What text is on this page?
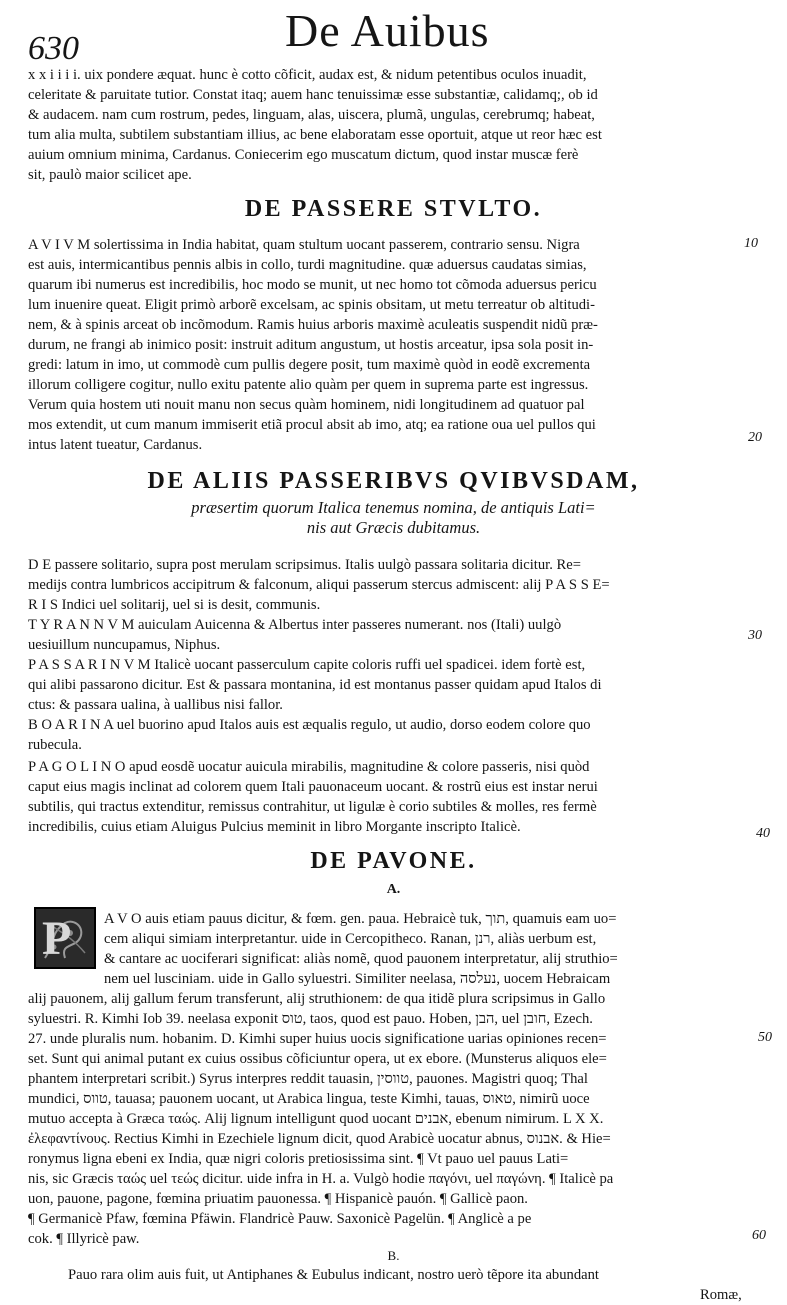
630	De Auibus
x x i i i i. uix pondere æquat. hunc è cotto cõficit, audax est, & nidum petentibus oculos inuadit,
celeritate & paruitate tutior. Constat itaq; auem hanc tenuissimæ esse substantiæ, calidamq;, ob id
& audacem. nam cum rostrum, pedes, linguam, alas, uiscera, plumã, ungulas, cerebrumq; habeat,
tum alia multa, subtilem substantiam illius, ac bene elaboratam esse oportuit, atque ut reor hæc est
auium omnium minima, Cardanus. Coniecerim ego muscatum dictum, quod instar muscæ ferè
sit, paulò maior scilicet ape.
DE PASSERE STVLTO.
A V I V M solertissima in India habitat, quam stultum uocant passerem, contrario sensu. Nigra
est auis, intermicantibus pennis albis in collo, turdi magnitudine. quæ aduersus caudatas simias,
quarum ibi numerus est incredibilis, hoc modo se munit, ut nec homo tot cõmoda aduersus pericu
lum inuenire queat. Eligit primò arborẽ excelsam, ac spinis obsitam, ut metu terreatur ob altitudi-
nem, & à spinis arceat ob incõmodum. Ramis huius arboris maximè aculeatis suspendit nidũ præ-
durum, ne frangi ab inimico posit: instruit aditum angustum, ut hostis arceatur, ipsa sola posit in-
gredi: latum in imo, ut commodè cum pullis degere posit, tum maximè quòd in eodẽ excrementa
illorum colligere cogitur, nullo exitu patente alio quàm per quem in suprema parte est ingressus.
Verum quia hostem uti nouit manu non secus quàm hominem, nidi longitudinem ad quatuor pal
mos extendit, ut cum manum immiserit etiã procul absit ab imo, atq; ea ratione oua uel pullos qui
intus latent tueatur, Cardanus.
DE ALIIS PASSERIBVS QVIBVSDAM,
præsertim quorum Italica tenemus nomina, de antiquis Lati=
nis aut Græcis dubitamus.
D E passere solitario, supra post merulam scripsimus. Italis uulgò passara solitaria dicitur. Re=
medijs contra lumbricos accipitrum & falconum, aliqui passerum stercus admiscent: alij P A S S E=
R I S Indici uel solitarij, uel si is desit, communis.
T Y R A N N V M auiculam Auicenna & Albertus inter passeres numerant. nos (Itali) uulgò
uesiuillum nuncupamus, Niphus.
P A S S A R I N V M Italicè uocant passerculum capite coloris ruffi uel spadicei. idem fortè est,
qui alibi passarono dicitur. Est & passara montanina, id est montanus passer quidam apud Italos di
ctus: & passara ualina, à uallibus nisi fallor.
B O A R I N A uel buorino apud Italos auis est æqualis regulo, ut audio, dorso eodem colore quo
rubecula.
P A G O L I N O apud eosdẽ uocatur auicula mirabilis, magnitudine & colore passeris, nisi quòd
caput eius magis inclinat ad colorem quem Itali pauonaceum uocant. & rostrũ eius est instar nerui
subtilis, qui tractus extenditur, remissus contrahitur, ut ligulæ è corio subtiles & molles, res fermè
incredibilis, cuius etiam Aluigus Pulcius meminit in libro Morgante inscripto Italicè.
DE PAVONE.
A.
P A V O auis etiam pauus dicitur, & fœm. gen. paua. Hebraicè tuk, תוך, quamuis eam uo=
cem aliqui simiam interpretantur. uide in Cercopitheco. Ranan, רנן, aliàs uerbum est,
& cantare ac uociferari significat: aliàs nomẽ, quod pauonem interpretatur, alij struthio=
nem uel lusciniam. uide in Gallo syluestri. Similiter neelasa, נעלסה, uocem Hebraicam
alij pauonem, alij gallum ferum transferunt, alij struthionem: de qua itidẽ plura scripsimus in Gallo
syluestri. R. Kimhi Iob 39. neelasa exponit טוס, taos, quod est pauo. Hoben, הבן, uel חובן, Ezech.
27. unde pluralis num. hobanim. D. Kimhi super huius uocis significatione uarias opiniones recen=
set. Sunt qui animal putant ex cuius ossibus cõficiuntur opera, ut ex ebore. (Munsterus aliquos ele=
phantem interpretari scribit.) Syrus interpres reddit tauasin, טווסין, pauones. Magistri quoq; Thal
mundici, טווס, tauasa; pauonem uocant, ut Arabica lingua, teste Kimhi, tauas, טאוס, nimirũ uoce
mutuo accepta à Græca ταώς. Alij lignum intelligunt quod uocant אבנים, ebenum nimirum. L X X.
ἐλεφαντίνους. Rectius Kimhi in Ezechiele lignum dicit, quod Arabicè uocatur abnus, אבנוס. & Hie=
ronymus ligna ebeni ex India, quæ nigri coloris pretiosissima sint. ¶ Vt pauo uel pauus Lati=
nis, sic Græcis ταώς uel τεώς dicitur. uide infra in H. a. Vulgò hodie παγόνι, uel παγώνη. ¶ Italicè pa
uon, pauone, pagone, fœmina priuatim pauonessa. ¶ Hispanicè pauón. ¶ Gallicè paon.
¶ Germanicè Pfaw, fœmina Pfäwin. Flandricè Pauw. Saxonicè Pagelün. ¶ Anglicè a pe
cok. ¶ Illyricè paw.
B.
Pauo rara olim auis fuit, ut Antiphanes & Eubulus indicant, nostro uerò tẽpore ita abundant
Romæ,
10
20
30
40
50
60
